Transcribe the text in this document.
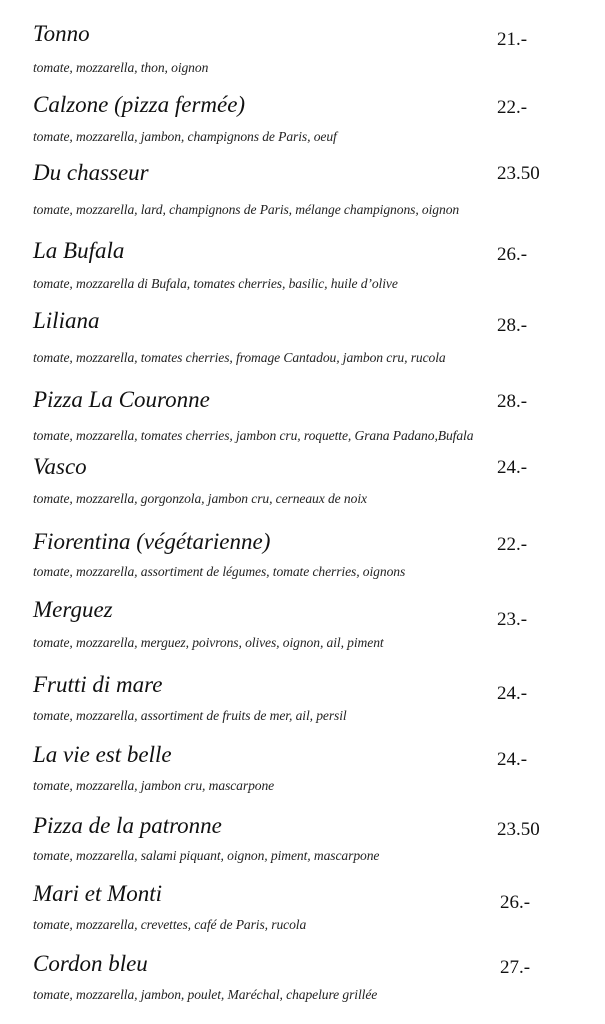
Tonno	21.-
tomate, mozzarella, thon, oignon
Calzone (pizza fermée)	22.-
tomate, mozzarella, jambon, champignons de Paris, oeuf
Du chasseur	23.50
tomate, mozzarella, lard, champignons de Paris, mélange champignons, oignon
La Bufala	26.-
tomate, mozzarella di Bufala, tomates cherries, basilic, huile d’olive
Liliana	28.-
tomate, mozzarella, tomates cherries, fromage Cantadou, jambon cru, rucola
Pizza La Couronne	28.-
tomate, mozzarella, tomates cherries, jambon cru, roquette, Grana Padano,Bufala
Vasco	24.-
tomate, mozzarella, gorgonzola, jambon cru, cerneaux de noix
Fiorentina (végétarienne)	22.-
tomate, mozzarella, assortiment de légumes, tomate cherries, oignons
Merguez	23.-
tomate, mozzarella, merguez, poivrons, olives, oignon, ail, piment
Frutti di mare	24.-
tomate, mozzarella, assortiment de fruits de mer, ail, persil
La vie est belle	24.-
tomate, mozzarella, jambon cru, mascarpone
Pizza de la patronne	23.50
tomate, mozzarella, salami piquant, oignon, piment, mascarpone
Mari et Monti	26.-
tomate, mozzarella, crevettes, café de Paris, rucola
Cordon bleu	27.-
tomate, mozzarella, jambon, poulet, Maréchal, chapelure grillée
